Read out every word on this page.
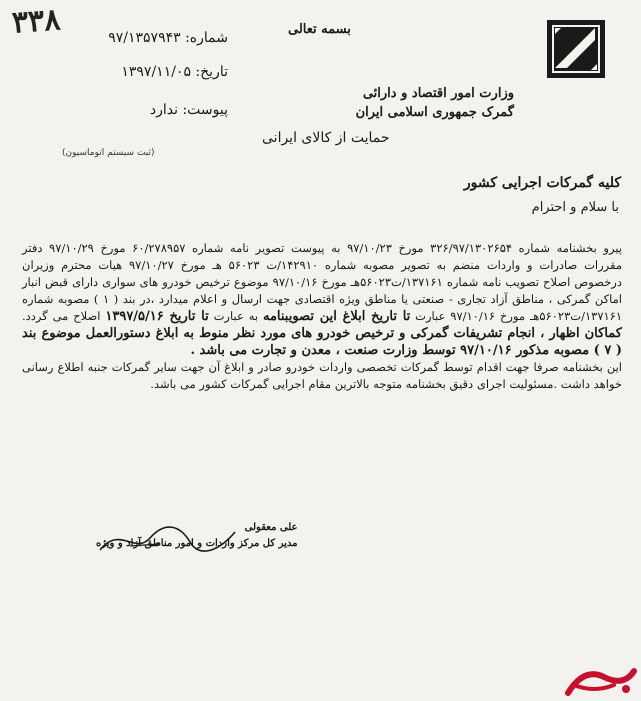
۳۳۸	شماره: ۹۷/۱۳۵۷۹۴۳
تاریخ: ۱۳۹۷/۱۱/۰۵
پیوست: ندارد
(ثبت سیستم اتوماسیون)
بسمه تعالی
وزارت امور اقتصاد و دارائی
گمرک جمهوری اسلامی ایران
حمایت از کالای ایرانی
کلیه گمرکات اجرایی کشور
با سلام و احترام

پیرو بخشنامه شماره ۳۲۶/۹۷/۱۳۰۲۶۵۴ مورخ ۹۷/۱۰/۲۳ به پیوست تصویر نامه شماره ۶۰/۲۷۸۹۵۷ مورخ ۹۷/۱۰/۲۹ دفتر مقررات صادرات و واردات منضم به تصویر مصوبه شماره ۱۴۲۹۱۰/ت ۵۶۰۲۳ هـ مورخ ۹۷/۱۰/۲۷ هیات محترم وزیران درخصوص اصلاح تصویب نامه شماره ۱۳۷۱۶۱/ت۵۶۰۲۳هـ مورخ ۹۷/۱۰/۱۶ موضوع ترخیص خودرو های سواری دارای قبض انبار اماکن گمرکی ، مناطق آزاد تجاری - صنعتی یا مناطق ویژه اقتصادی جهت ارسال و اعلام میدارد ،در بند ( ۱ ) مصوبه شماره ۱۳۷۱۶۱/ت۵۶۰۲۳هـ مورخ ۹۷/۱۰/۱۶ عبارت تا تاریخ ابلاغ این تصویبنامه به عبارت تا تاریخ ۱۳۹۷/۵/۱۶ اصلاح می گردد. کماکان اظهار ، انجام تشریفات گمرکی و ترخیص خودرو های مورد نظر منوط به ابلاغ دستورالعمل موضوع بند ( ۷ ) مصوبه مذکور ۹۷/۱۰/۱۶ توسط وزارت صنعت ، معدن و تجارت می باشد .

این بخشنامه صرفا جهت اقدام توسط گمرکات تخصصی واردات خودرو صادر و ابلاغ آن جهت سایر گمرکات جنبه اطلاع رسانی خواهد داشت .مسئولیت اجرای دقیق بخشنامه متوجه بالاترین مقام اجرایی گمرکات کشور می باشد.

علی معقولی
مدیر کل مرکز واردات و امور مناطق آزاد و ویژه
